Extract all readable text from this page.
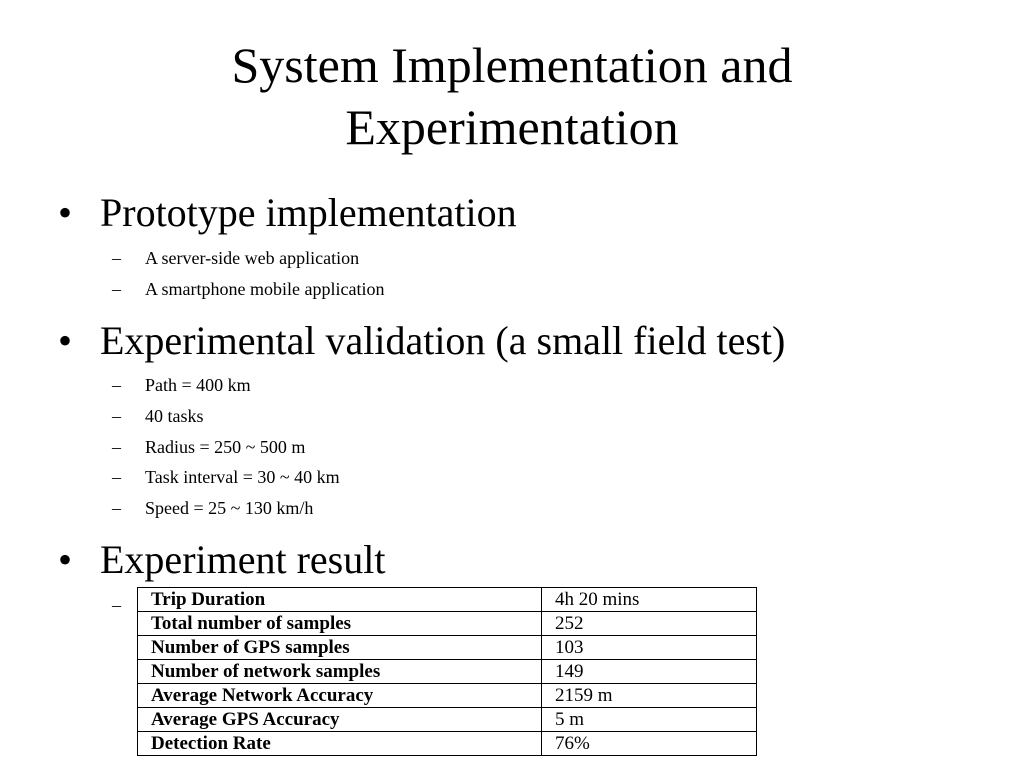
System Implementation and
Experimentation
• Prototype implementation
– A server-side web application
– A smartphone mobile application
• Experimental validation (a small field test)
– Path = 400 km
– 40 tasks
– Radius = 250 ~ 500 m
– Task interval = 30 ~ 40 km
– Speed = 25 ~ 130 km/h
• Experiment result
–	Trip Duration	4h 20 mins
Total number of samples	252
Number of GPS samples	103
Number of network samples	149
Average Network Accuracy	2159 m
Average GPS Accuracy	5 m
Detection Rate	76%
